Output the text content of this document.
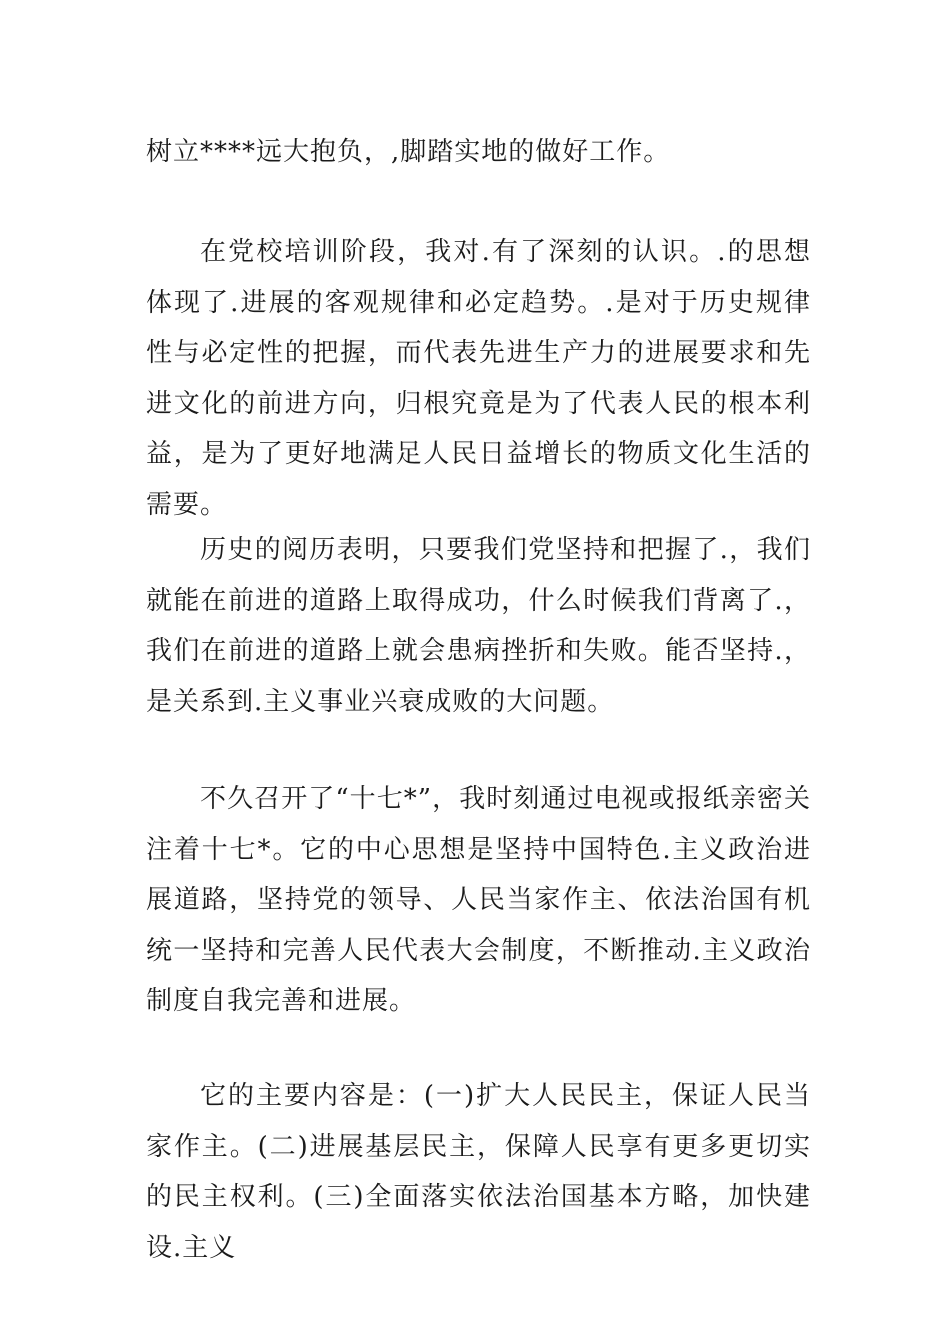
树立****远大抱负，,脚踏实地的做好工作。

在党校培训阶段，我对.有了深刻的认识。.的思想体现了.进展的客观规律和必定趋势。.是对于历史规律性与必定性的把握，而代表先进生产力的进展要求和先进文化的前进方向，归根究竟是为了代表人民的根本利益，是为了更好地满足人民日益增长的物质文化生活的需要。

历史的阅历表明，只要我们党坚持和把握了.，我们就能在前进的道路上取得成功，什么时候我们背离了.，我们在前进的道路上就会患病挫折和失败。能否坚持.，是关系到.主义事业兴衰成败的大问题。

不久召开了“十七*”，我时刻通过电视或报纸亲密关注着十七*。它的中心思想是坚持中国特色.主义政治进展道路，坚持党的领导、人民当家作主、依法治国有机统一坚持和完善人民代表大会制度，不断推动.主义政治制度自我完善和进展。

它的主要内容是：(一)扩大人民民主，保证人民当家作主。(二)进展基层民主，保障人民享有更多更切实的民主权利。(三)全面落实依法治国基本方略，加快建设.主义
